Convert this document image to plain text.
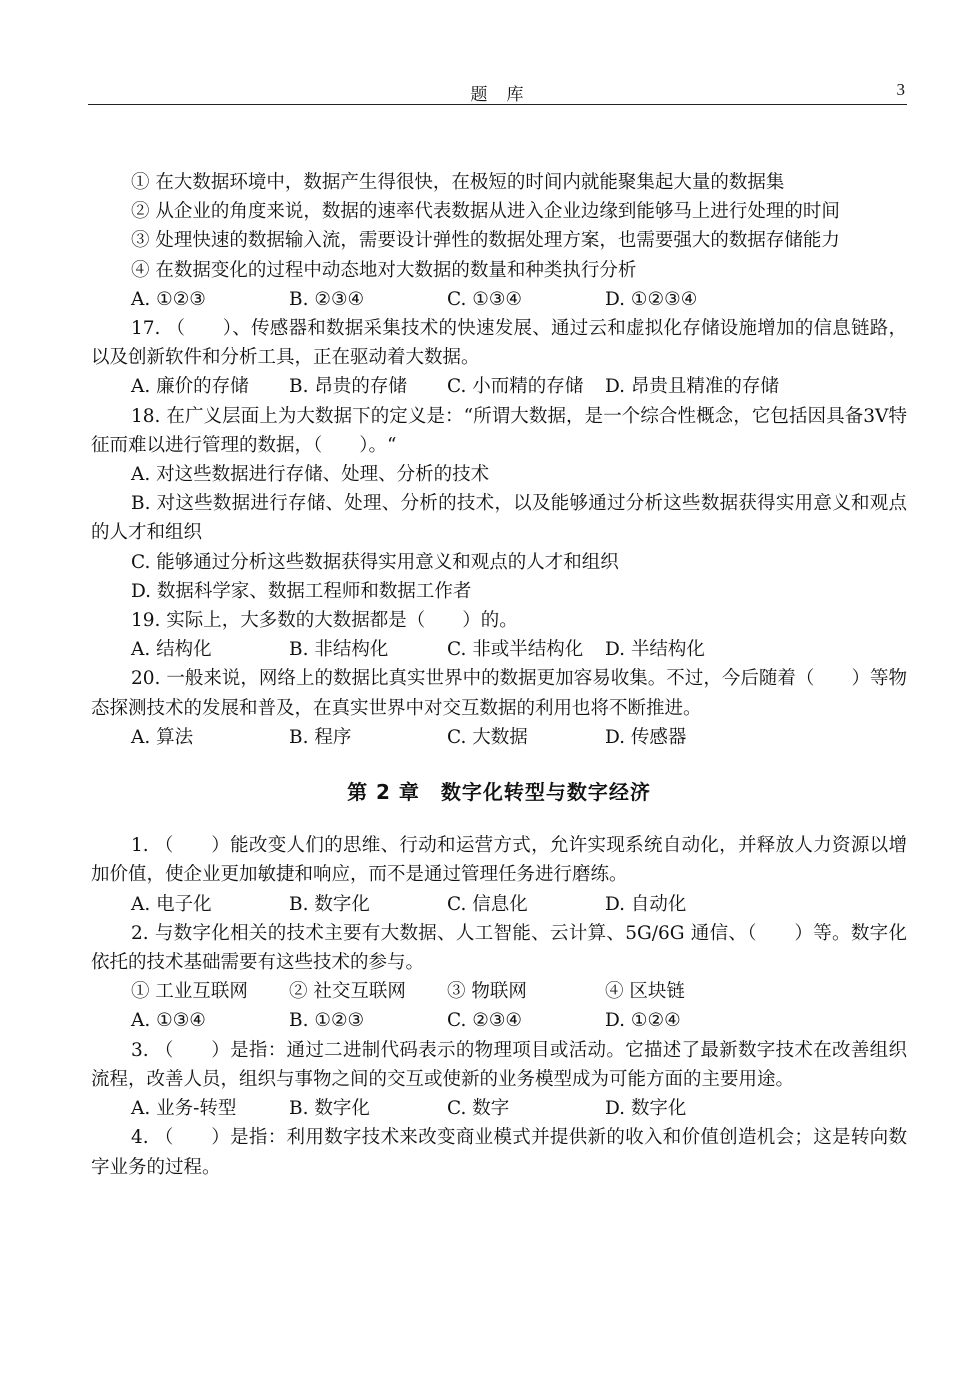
题　库	3
① 在大数据环境中，数据产生得很快，在极短的时间内就能聚集起大量的数据集
② 从企业的角度来说，数据的速率代表数据从进入企业边缘到能够马上进行处理的时间
③ 处理快速的数据输入流，需要设计弹性的数据处理方案，也需要强大的数据存储能力
④ 在数据变化的过程中动态地对大数据的数量和种类执行分析
A. ①②③	B. ②③④	C. ①③④	D. ①②③④
17. （　　）、传感器和数据采集技术的快速发展、通过云和虚拟化存储设施增加的信息链路，以及创新软件和分析工具，正在驱动着大数据。
A. 廉价的存储	B. 昂贵的存储	C. 小而精的存储	D. 昂贵且精准的存储
18. 在广义层面上为大数据下的定义是：“所谓大数据，是一个综合性概念，它包括因具备3V特征而难以进行管理的数据，（　　）。“
A. 对这些数据进行存储、处理、分析的技术
B. 对这些数据进行存储、处理、分析的技术，以及能够通过分析这些数据获得实用意义和观点的人才和组织
C. 能够通过分析这些数据获得实用意义和观点的人才和组织
D. 数据科学家、数据工程师和数据工作者
19. 实际上，大多数的大数据都是（　　）的。
A. 结构化	B. 非结构化	C. 非或半结构化	D. 半结构化
20. 一般来说，网络上的数据比真实世界中的数据更加容易收集。不过，今后随着（　　）等物态探测技术的发展和普及，在真实世界中对交互数据的利用也将不断推进。
A. 算法	B. 程序	C. 大数据	D. 传感器
第 2 章　数字化转型与数字经济
1. （　　）能改变人们的思维、行动和运营方式，允许实现系统自动化，并释放人力资源以增加价值，使企业更加敏捷和响应，而不是通过管理任务进行磨练。
A. 电子化	B. 数字化	C. 信息化	D. 自动化
2. 与数字化相关的技术主要有大数据、人工智能、云计算、5G/6G 通信、（　　）等。数字化依托的技术基础需要有这些技术的参与。
① 工业互联网	② 社交互联网	③ 物联网	④ 区块链
A. ①③④	B. ①②③	C. ②③④	D. ①②④
3. （　　）是指：通过二进制代码表示的物理项目或活动。它描述了最新数字技术在改善组织流程，改善人员，组织与事物之间的交互或使新的业务模型成为可能方面的主要用途。
A. 业务-转型	B. 数字化	C. 数字	D. 数字化
4. （　　）是指：利用数字技术来改变商业模式并提供新的收入和价值创造机会；这是转向数字业务的过程。
